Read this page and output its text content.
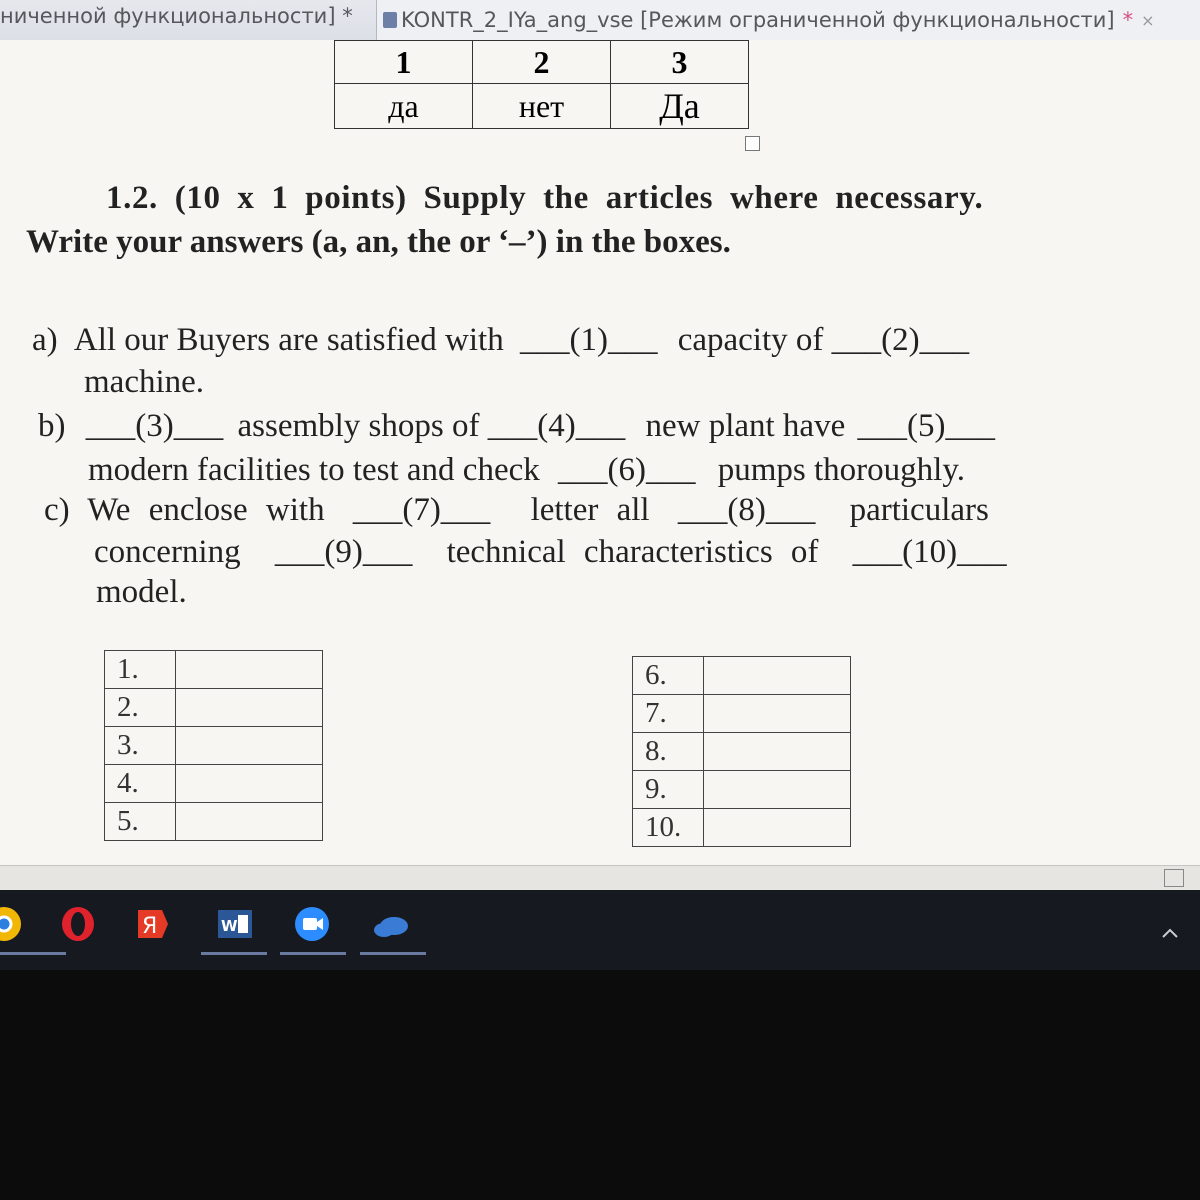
ниченной функциональности] * KONTR_2_IYa_ang_vse [Режим ограниченной функциональности] * ×
1	2	3
да	нет	Да
1.2. (10 x 1 points) Supply the articles where necessary.
Write your answers (a, an, the or ‘–’) in the boxes.
a) All our Buyers are satisfied with ___(1)___ capacity of ___(2)___
machine.
b) ___(3)___ assembly shops of ___(4)___ new plant have ___(5)___
modern facilities to test and check ___(6)___ pumps thoroughly.
c) We enclose with ___(7)___ letter all ___(8)___ particulars
concerning ___(9)___ technical characteristics of ___(10)___
model.
1.	
2.	
3.	
4.	
5.	
6.	
7.	
8.	
9.	
10.	
Я	W
